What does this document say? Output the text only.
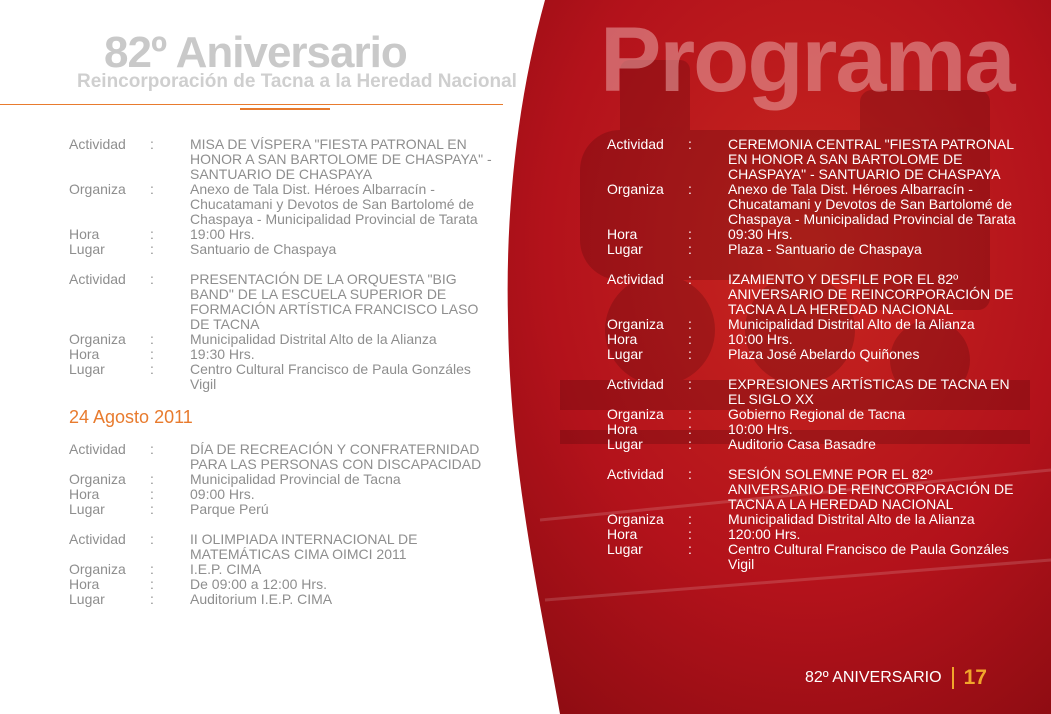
82º Aniversario
Reincorporación de Tacna a la Heredad Nacional Programa
Actividad :	MISA DE VÍSPERA "FIESTA PATRONAL EN HONOR A SAN BARTOLOME DE CHASPAYA" - SANTUARIO DE CHASPAYA
Organiza :	Anexo de Tala Dist. Héroes Albarracín - Chucatamani y Devotos de San Bartolomé de Chaspaya - Municipalidad Provincial de Tarata
Hora	:	19:00 Hrs.
Lugar	:	Santuario de Chaspaya
Actividad :	PRESENTACIÓN DE LA ORQUESTA "BIG BAND" DE LA ESCUELA SUPERIOR DE FORMACIÓN ARTÍSTICA FRANCISCO LASO DE TACNA
Organiza :	Municipalidad Distrital Alto de la Alianza
Hora	:	19:30 Hrs.
Lugar	:	Centro Cultural Francisco de Paula Gonzáles Vigil
24 Agosto 2011
Actividad :	DÍA DE RECREACIÓN Y CONFRATERNIDAD PARA LAS PERSONAS CON DISCAPACIDAD
Organiza :	Municipalidad Provincial de Tacna
Hora	:	09:00 Hrs.
Lugar	:	Parque Perú
Actividad :	II OLIMPIADA INTERNACIONAL DE MATEMÁTICAS CIMA OIMCI 2011
Organiza :	I.E.P. CIMA
Hora	:	De 09:00 a 12:00 Hrs.
Lugar	:	Auditorium I.E.P. CIMA
Actividad :	CEREMONIA CENTRAL "FIESTA PATRONAL EN HONOR A SAN BARTOLOME DE CHASPAYA" - SANTUARIO DE CHASPAYA
Organiza :	Anexo de Tala Dist. Héroes Albarracín - Chucatamani y Devotos de San Bartolomé de Chaspaya - Municipalidad Provincial de Tarata
Hora	:	09:30 Hrs.
Lugar	:	Plaza - Santuario de Chaspaya
Actividad :	IZAMIENTO Y DESFILE POR EL 82º ANIVERSARIO DE REINCORPORACIÓN DE TACNA A LA HEREDAD NACIONAL
Organiza :	Municipalidad Distrital Alto de la Alianza
Hora	:	10:00 Hrs.
Lugar	:	Plaza José Abelardo Quiñones
Actividad :	EXPRESIONES ARTÍSTICAS DE TACNA EN EL SIGLO XX
Organiza :	Gobierno Regional de Tacna
Hora	:	10:00 Hrs.
Lugar	:	Auditorio Casa Basadre
Actividad :	SESIÓN SOLEMNE POR EL 82º ANIVERSARIO DE REINCORPORACIÓN DE TACNA A LA HEREDAD NACIONAL
Organiza :	Municipalidad Distrital Alto de la Alianza
Hora	:	120:00 Hrs.
Lugar	:	Centro Cultural Francisco de Paula Gonzáles Vigil
82º ANIVERSARIO 17
